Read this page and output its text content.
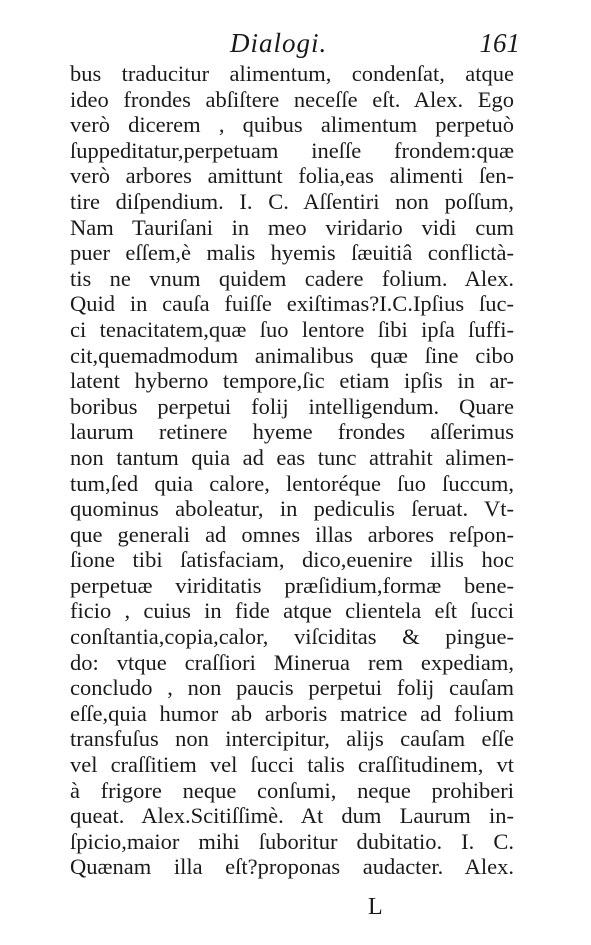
Dialogi.	161
bus traducitur alimentum, condenſat, atque
ideo frondes abſiſtere neceſſe eſt. Alex. Ego
verò dicerem , quibus alimentum perpetuò
ſuppeditatur,perpetuam ineſſe frondem:quæ
verò arbores amittunt folia,eas alimenti ſen-
tire diſpendium. I. C. Aſſentiri non poſſum,
Nam Tauriſani in meo viridario vidi cum
puer eſſem,è malis hyemis ſæuitiâ conflictà-
tis ne vnum quidem cadere folium. Alex.
Quid in cauſa fuiſſe exiſtimas?I.C.Ipſius ſuc-
ci tenacitatem,quæ ſuo lentore ſibi ipſa ſuffi-
cit,quemadmodum animalibus quæ ſine cibo
latent hyberno tempore,ſic etiam ipſis in ar-
boribus perpetui folij intelligendum. Quare
laurum retinere hyeme frondes aſſerimus
non tantum quia ad eas tunc attrahit alimen-
tum,ſed quia calore, lentoréque ſuo ſuccum,
quominus aboleatur, in pediculis ſeruat. Vt-
que generali ad omnes illas arbores reſpon-
ſione tibi ſatisfaciam, dico,euenire illis hoc
perpetuæ viriditatis præſidium,formæ bene-
ficio , cuius in fide atque clientela eſt ſucci
conſtantia,copia,calor, viſciditas & pingue-
do: vtque craſſiori Minerua rem expediam,
concludo , non paucis perpetui folij cauſam
eſſe,quia humor ab arboris matrice ad folium
transfuſus non intercipitur, alijs cauſam eſſe
vel craſſitiem vel ſucci talis craſſitudinem, vt
à frigore neque conſumi, neque prohiberi
queat. Alex.Scitiſſimè. At dum Laurum in-
ſpicio,maior mihi ſuboritur dubitatio. I. C.
Quænam illa eſt?proponas audacter. Alex.
L
